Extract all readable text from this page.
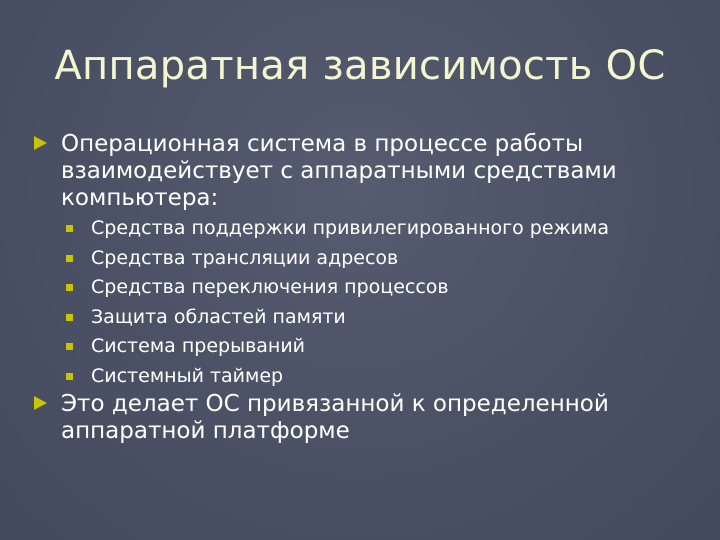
Аппаратная зависимость ОС
Операционная система в процессе работы взаимодействует с аппаратными средствами компьютера:
Средства поддержки привилегированного режима
Средства трансляции адресов
Средства переключения процессов
Защита областей памяти
Система прерываний
Системный таймер
Это делает ОС привязанной к определенной аппаратной платформе
